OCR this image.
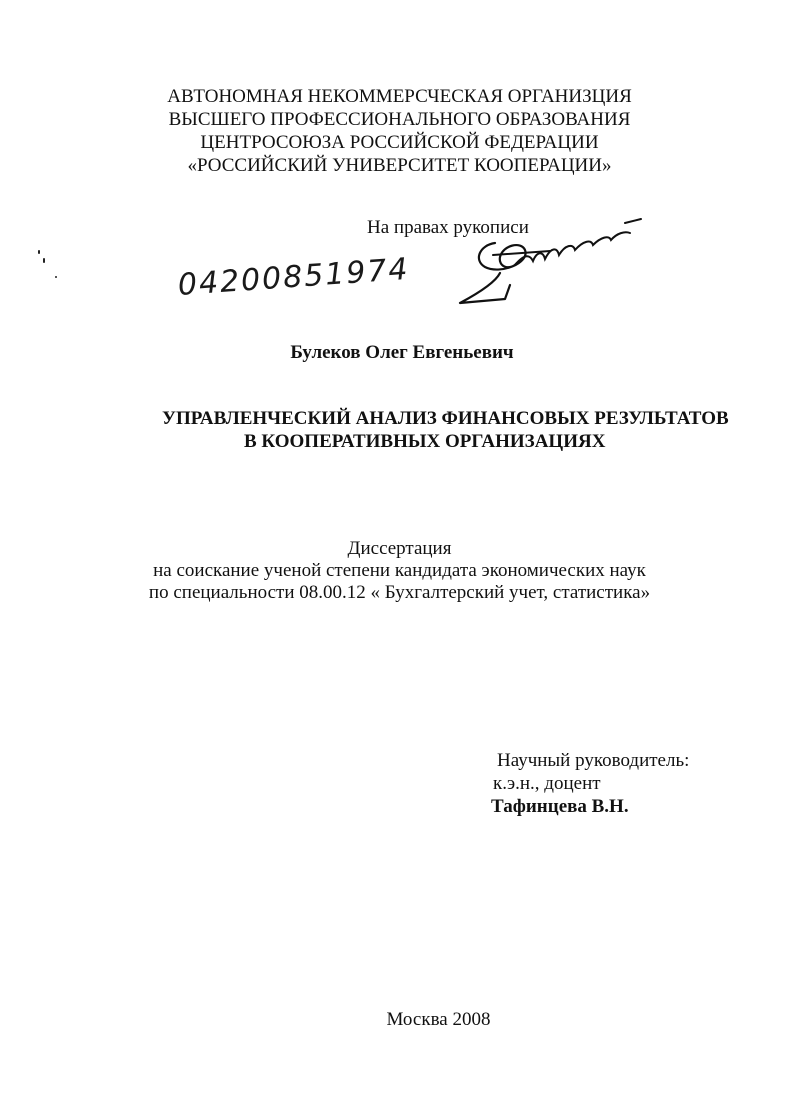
АВТОНОМНАЯ НЕКОММЕРСЧЕСКАЯ ОРГАНИЗЦИЯ
ВЫСШЕГО ПРОФЕССИОНАЛЬНОГО ОБРАЗОВАНИЯ
ЦЕНТРОСОЮЗА РОССИЙСКОЙ ФЕДЕРАЦИИ
«РОССИЙСКИЙ УНИВЕРСИТЕТ КООПЕРАЦИИ»
На правах рукописи
04200851974
Булеков Олег Евгеньевич
УПРАВЛЕНЧЕСКИЙ АНАЛИЗ ФИНАНСОВЫХ РЕЗУЛЬТАТОВ
В КООПЕРАТИВНЫХ ОРГАНИЗАЦИЯХ
Диссертация
на соискание ученой степени кандидата экономических наук
по специальности 08.00.12 « Бухгалтерский учет, статистика»
Научный руководитель:
к.э.н., доцент
Тафинцева В.Н.
Москва 2008
